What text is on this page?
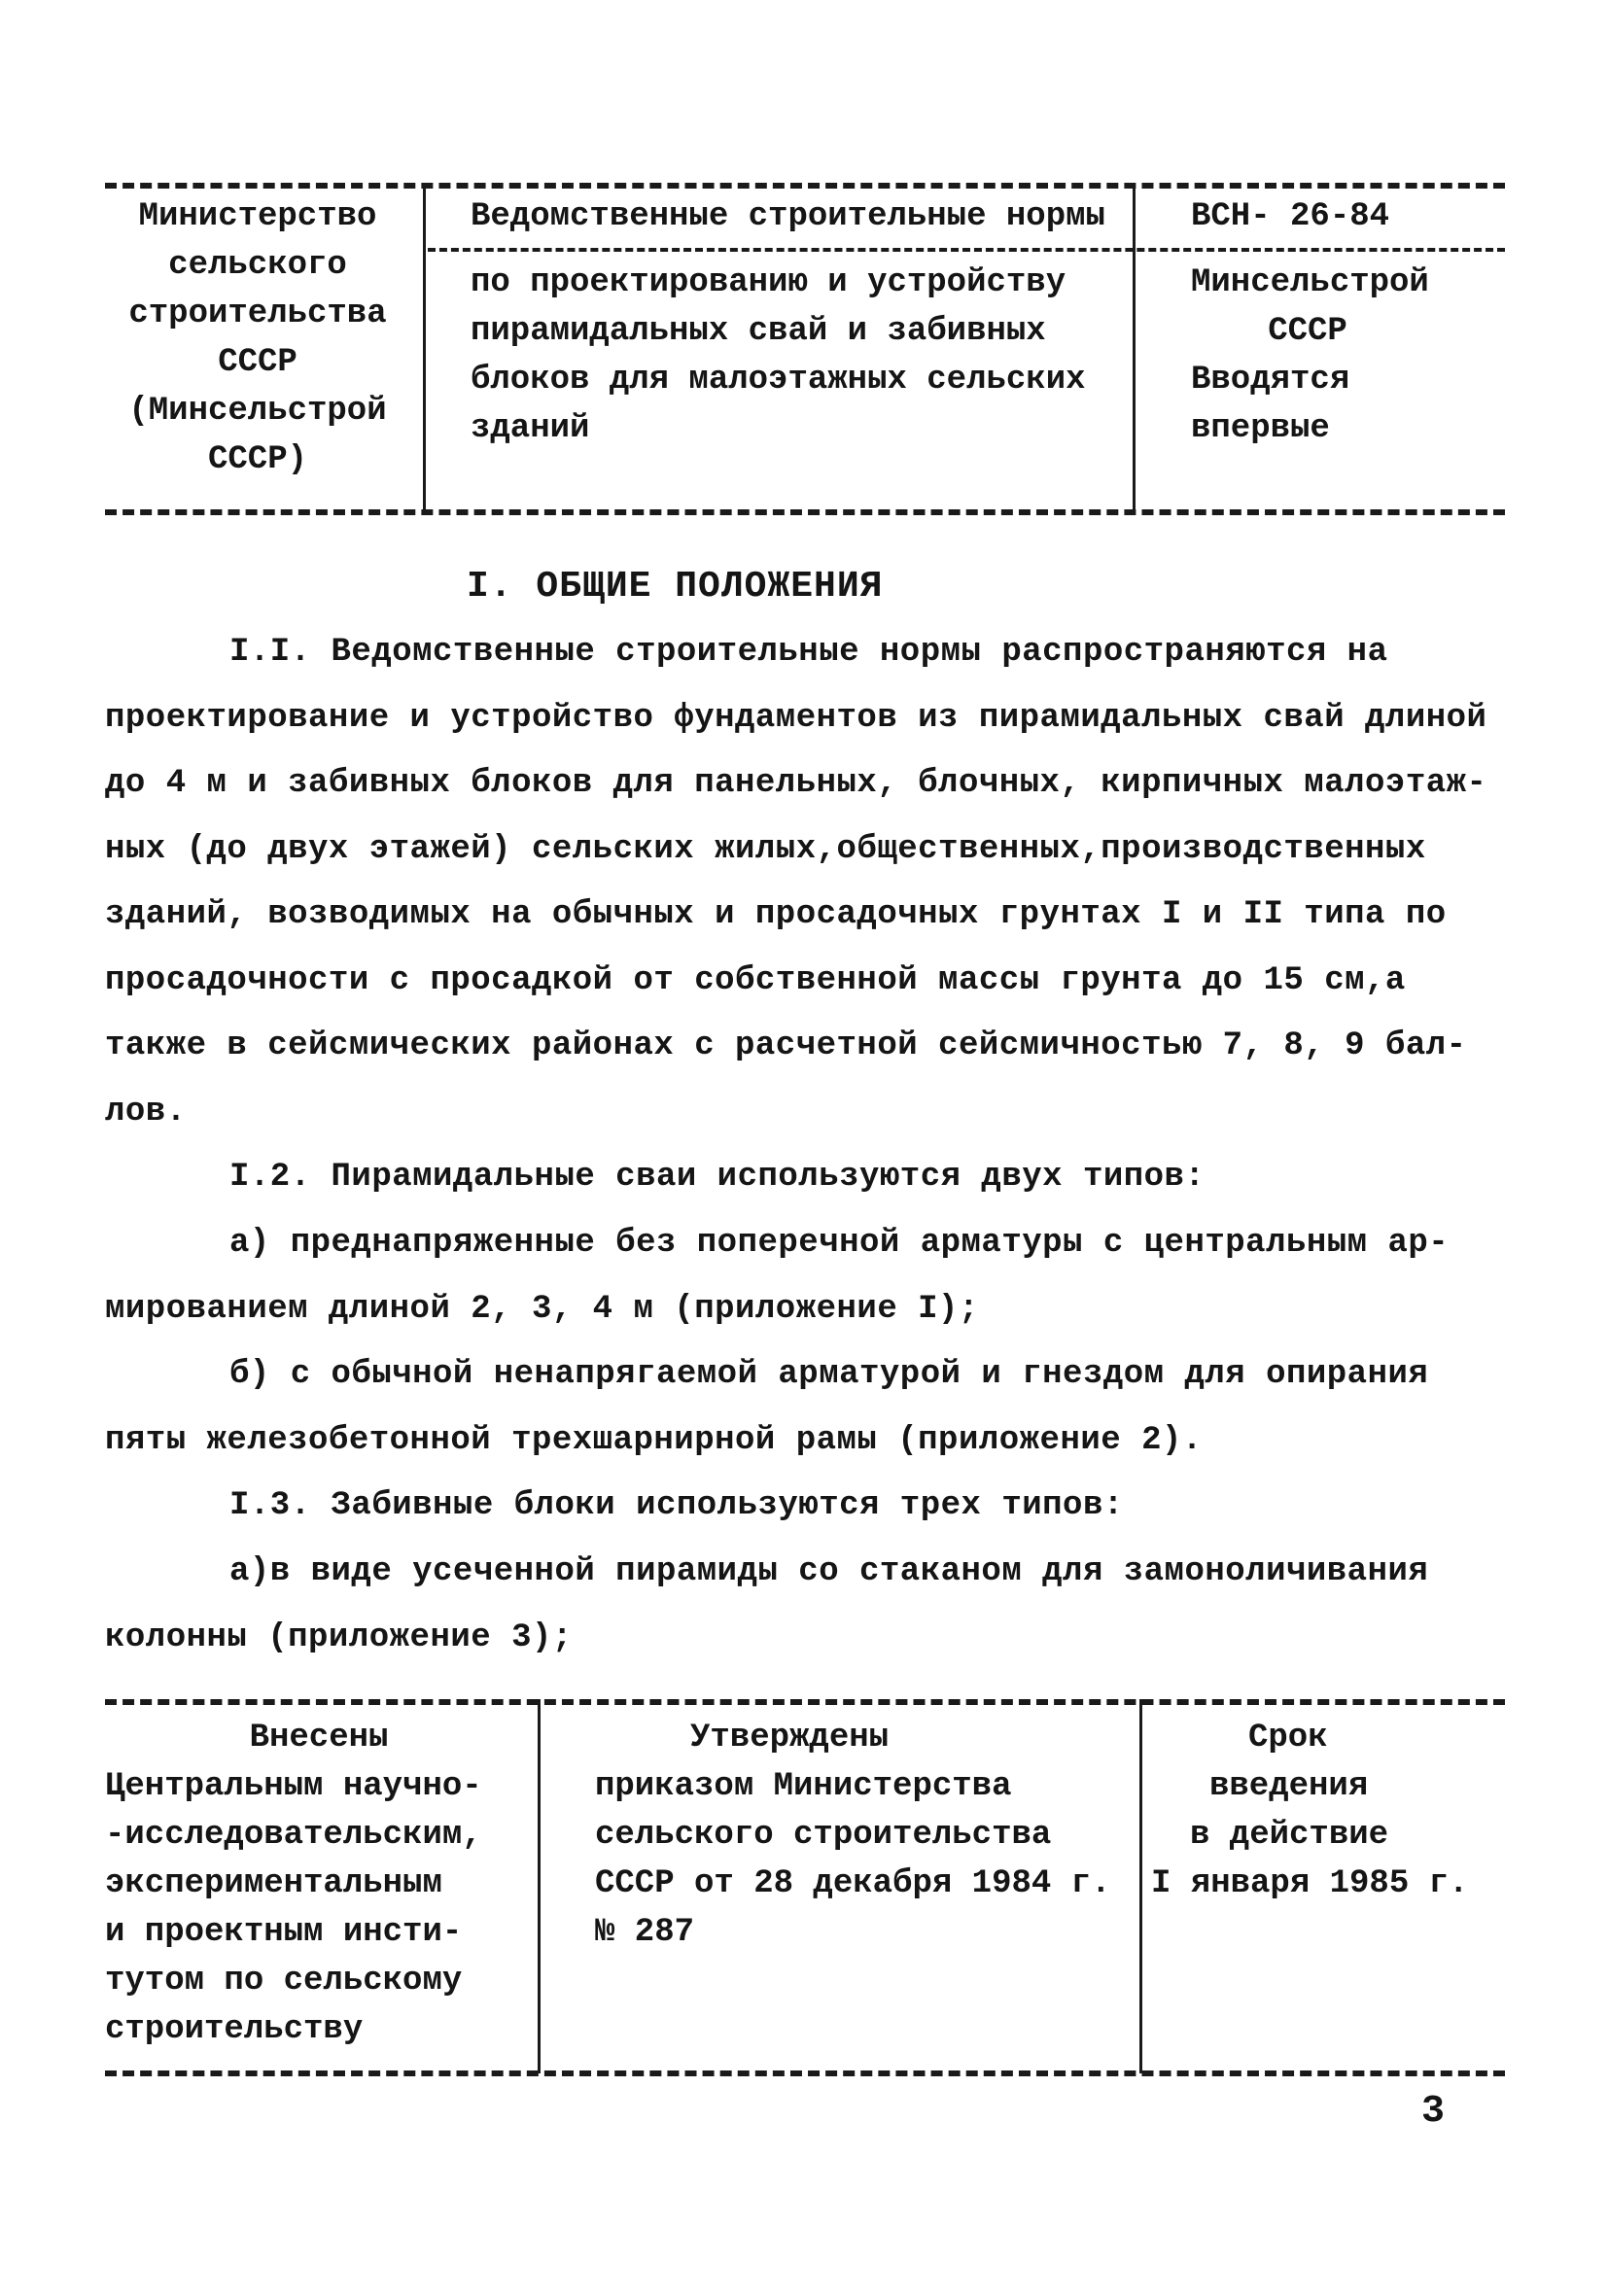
Министерство
сельского
строительства
СССР
(Минсельстрой
СССР)
Ведомственные строительные нормы
по проектированию и устройству
пирамидальных свай и забивных
блоков для малоэтажных сельских
зданий
ВСН- 26-84
Минсельстрой
СССР
Вводятся
впервые
I. ОБЩИЕ ПОЛОЖЕНИЯ
I.I. Ведомственные строительные нормы распространяются на
проектирование и устройство фундаментов из пирамидальных свай длиной
до 4 м и забивных блоков для панельных, блочных, кирпичных малоэтаж-
ных (до двух этажей) сельских жилых,общественных,производственных
зданий, возводимых на обычных и просадочных грунтах I и II типа по
просадочности с просадкой от собственной массы грунта до 15 см,а
также в сейсмических районах с расчетной сейсмичностью 7, 8, 9 бал-
лов.
I.2. Пирамидальные сваи используются двух типов:
а) преднапряженные без поперечной арматуры с центральным ар-
мированием длиной 2, 3, 4 м (приложение I);
б) с обычной ненапрягаемой арматурой и гнездом для опирания
пяты железобетонной трехшарнирной рамы (приложение 2).
I.3. Забивные блоки используются трех типов:
а)в виде усеченной пирамиды со стаканом для замоноличивания
колонны (приложение 3);
Внесены
Центральным научно-
-исследовательским,
экспериментальным
и проектным инсти-
тутом по сельскому
строительству
Утверждены
приказом Министерства
сельского строительства
СССР от 28 декабря 1984 г.
№ 287
Срок
введения
в действие
I января 1985 г.
3
